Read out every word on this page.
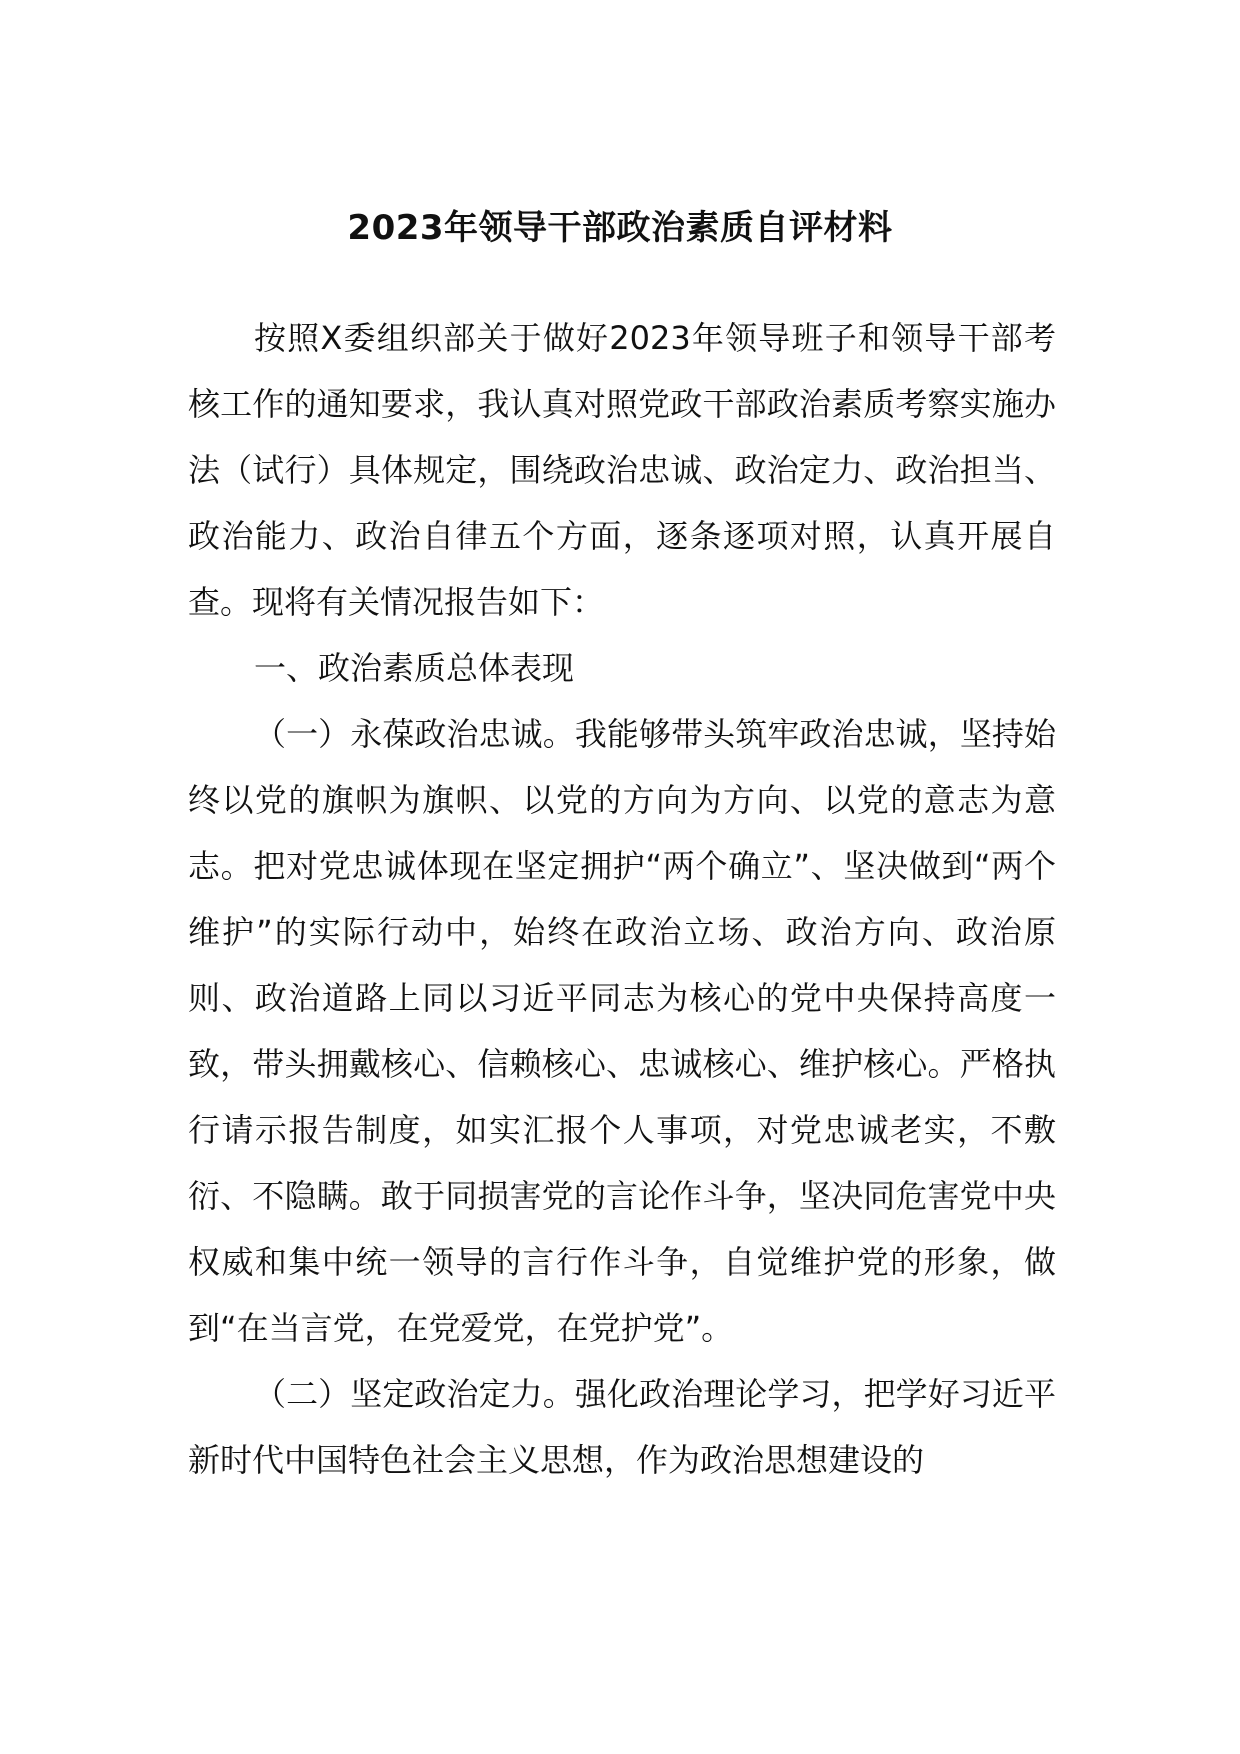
2023年领导干部政治素质自评材料

按照X委组织部关于做好2023年领导班子和领导干部考核工作的通知要求，我认真对照党政干部政治素质考察实施办法（试行）具体规定，围绕政治忠诚、政治定力、政治担当、政治能力、政治自律五个方面，逐条逐项对照，认真开展自查。现将有关情况报告如下：

一、政治素质总体表现

（一）永葆政治忠诚。我能够带头筑牢政治忠诚，坚持始终以党的旗帜为旗帜、以党的方向为方向、以党的意志为意志。把对党忠诚体现在坚定拥护“两个确立”、坚决做到“两个维护”的实际行动中，始终在政治立场、政治方向、政治原则、政治道路上同以习近平同志为核心的党中央保持高度一致，带头拥戴核心、信赖核心、忠诚核心、维护核心。严格执行请示报告制度，如实汇报个人事项，对党忠诚老实，不敷衍、不隐瞒。敢于同损害党的言论作斗争，坚决同危害党中央权威和集中统一领导的言行作斗争，自觉维护党的形象，做到“在当言党，在党爱党，在党护党”。

（二）坚定政治定力。强化政治理论学习，把学好习近平新时代中国特色社会主义思想，作为政治思想建设的
